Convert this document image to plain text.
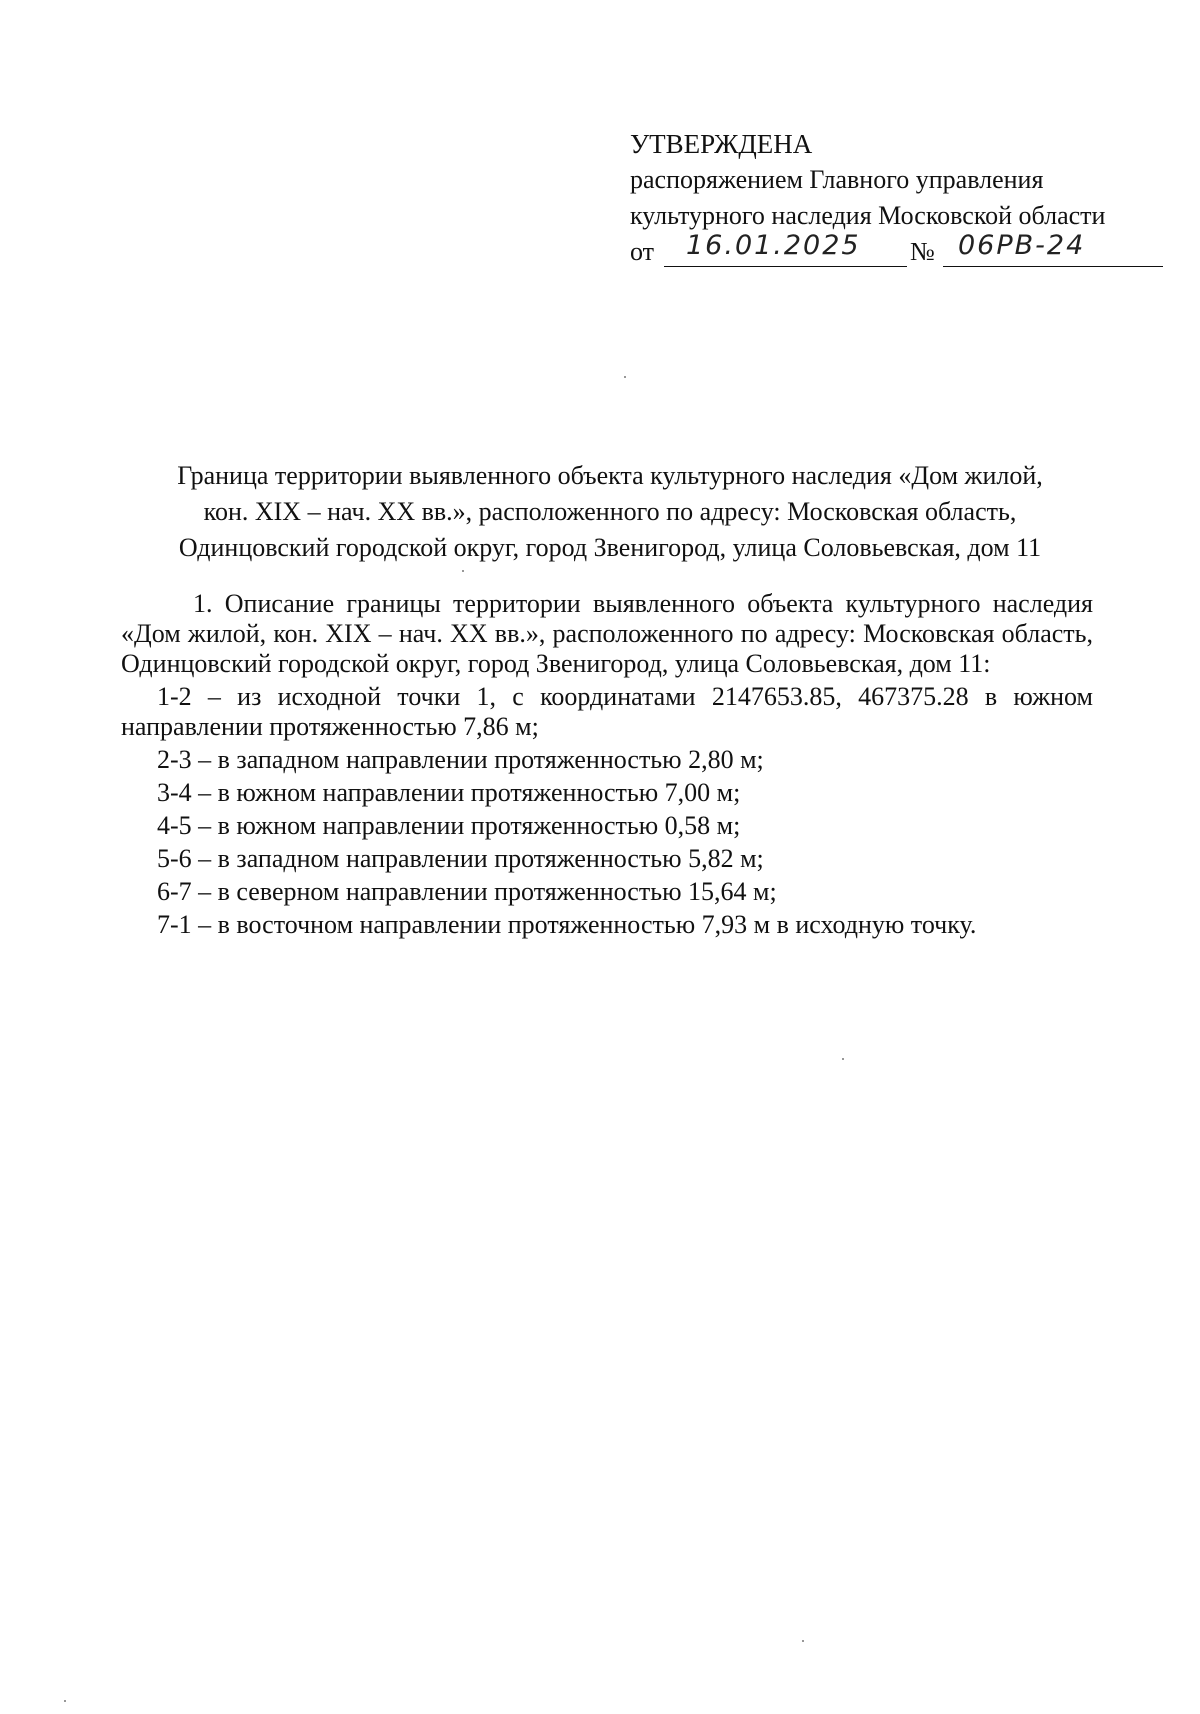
УТВЕРЖДЕНА
распоряжением Главного управления
культурного наследия Московской области
от 16.01.2025 № 06РВ-24
Граница территории выявленного объекта культурного наследия «Дом жилой,
кон. XIX – нач. XX вв.», расположенного по адресу: Московская область,
Одинцовский городской округ, город Звенигород, улица Соловьевская, дом 11

1. Описание границы территории выявленного объекта культурного наследия «Дом жилой, кон. XIX – нач. XX вв.», расположенного по адресу: Московская область, Одинцовский городской округ, город Звенигород, улица Соловьевская, дом 11:

1-2 – из исходной точки 1, с координатами 2147653.85, 467375.28 в южном направлении протяженностью 7,86 м;

2-3 – в западном направлении протяженностью 2,80 м;

3-4 – в южном направлении протяженностью 7,00 м;

4-5 – в южном направлении протяженностью 0,58 м;

5-6 – в западном направлении протяженностью 5,82 м;

6-7 – в северном направлении протяженностью 15,64 м;

7-1 – в восточном направлении протяженностью 7,93 м в исходную точку.
